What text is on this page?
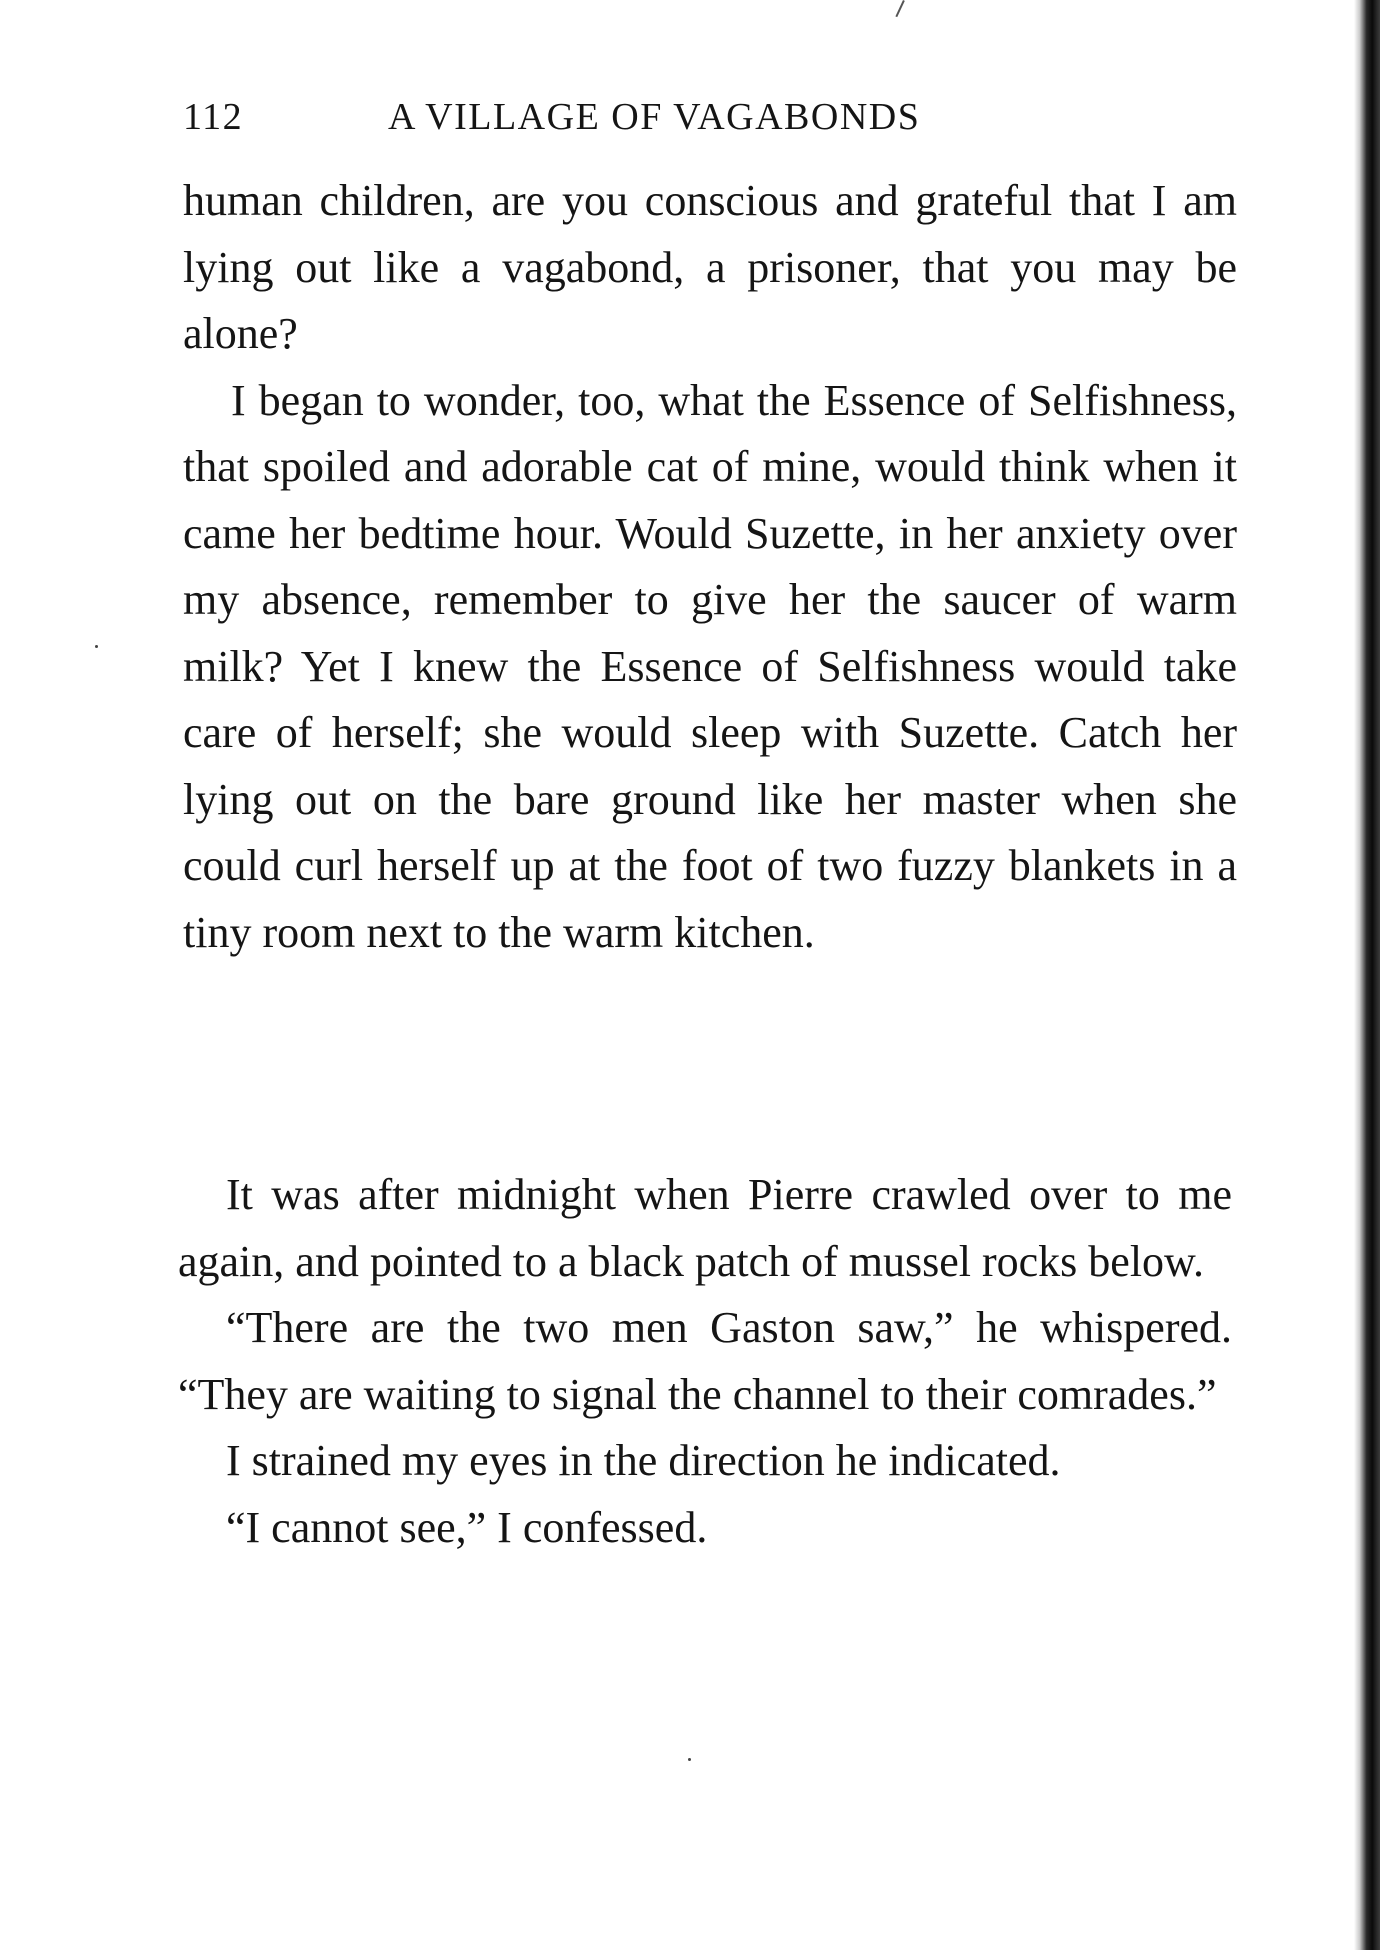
112	A VILLAGE OF VAGABONDS

human children, are you conscious and grateful that I am lying out like a vagabond, a prisoner, that you may be alone?

I began to wonder, too, what the Essence of Selfishness, that spoiled and adorable cat of mine, would think when it came her bedtime hour. Would Suzette, in her anxiety over my absence, remember to give her the saucer of warm milk? Yet I knew the Essence of Selfishness would take care of herself; she would sleep with Suzette. Catch her lying out on the bare ground like her master when she could curl herself up at the foot of two fuzzy blankets in a tiny room next to the warm kitchen.

It was after midnight when Pierre crawled over to me again, and pointed to a black patch of mussel rocks below.

“There are the two men Gaston saw,” he whispered. “They are waiting to signal the channel to their comrades.”

I strained my eyes in the direction he indicated.

“I cannot see,” I confessed.
